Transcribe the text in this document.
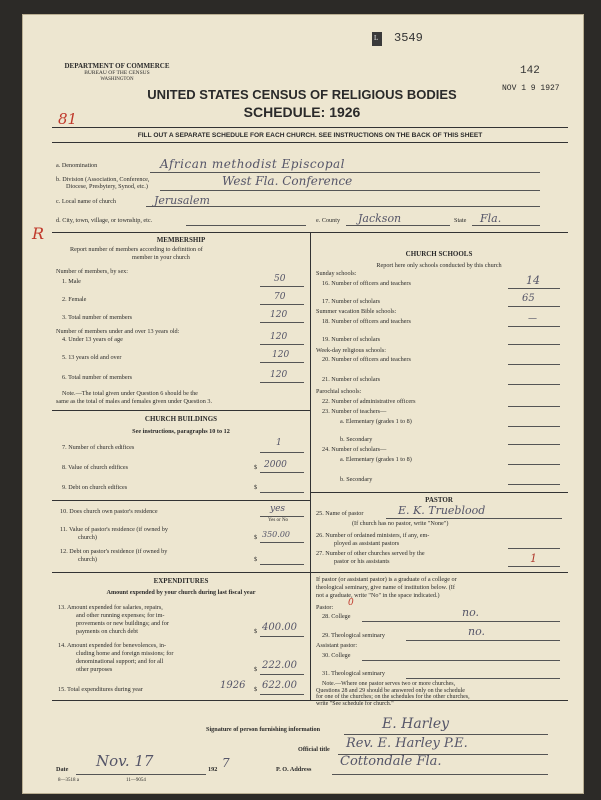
L 3549
142
DEPARTMENT OF COMMERCE
BUREAU OF THE CENSUS
WASHINGTON
UNITED STATES CENSUS OF RELIGIOUS BODIES	NOV 1 9 1927
SCHEDULE: 1926
81
R
FILL OUT A SEPARATE SCHEDULE FOR EACH CHURCH. SEE INSTRUCTIONS ON THE BACK OF THIS SHEET
a. Denomination	African methodist Episcopal
b. Division (Association, Conference,
Diocese, Presbytery, Synod, etc.)	West Fla. Conference
c. Local name of church	Jerusalem
d. City, town, village, or township, etc.	e. County Jackson	State Fla.
MEMBERSHIP
Report number of members according to definition of
member in your church
Number of members, by sex:
1. Male	50
2. Female	70
3. Total number of members	120
Number of members under and over 13 years old:
4. Under 13 years of age	120
5. 13 years old and over	120
6. Total number of members	120
Note.—The total given under Question 6 should be the
same as the total of males and females given under Question 3.
CHURCH BUILDINGS
See instructions, paragraphs 10 to 12
7. Number of church edifices	1
8. Value of church edifices	$ 2000
9. Debt on church edifices	$
10. Does church own pastor's residence	yes
Yes or No
11. Value of pastor's residence (if owned by
church)	$ 350.00
12. Debt on pastor's residence (if owned by
church)	$
EXPENDITURES
Amount expended by your church during last fiscal year
13. Amount expended for salaries, repairs,
and other running expenses; for im-
provements or new buildings; and for
payments on church debt	$ 400.00
14. Amount expended for benevolences, in-
cluding home and foreign missions; for
denominational support; and for all
other purposes	$ 222.00
15. Total expenditures during year	1926 $ 622.00
CHURCH SCHOOLS
Report here only schools conducted by this church
Sunday schools:
16. Number of officers and teachers	14
17. Number of scholars	65
Summer vacation Bible schools:
18. Number of officers and teachers	—
19. Number of scholars
Week-day religious schools:
20. Number of officers and teachers
21. Number of scholars
Parochial schools:
22. Number of administrative officers
23. Number of teachers—
a. Elementary (grades 1 to 8)
b. Secondary
24. Number of scholars—
a. Elementary (grades 1 to 8)
b. Secondary
PASTOR
25. Name of pastor	E. K. Trueblood
(If church has no pastor, write "None")
26. Number of ordained ministers, if any, em-
ployed as assistant pastors
27. Number of other churches served by the
pastor or his assistants	1
If pastor (or assistant pastor) is a graduate of a college or
theological seminary, give name of institution below. (If
not a graduate, write "No" in the space indicated.)
Pastor: 0
28. College	no.
29. Theological seminary	no.
Assistant pastor:
30. College
31. Theological seminary
Note.—Where one pastor serves two or more churches,
Questions 28 and 29 should be answered only on the schedule
for one of the churches; on the schedules for the other churches,
write "See schedule for church."
Signature of person furnishing information	E. Harley
Official title Rev. E. Harley P.E.
Date Nov. 17	192 7	P. O. Address
Cottondale Fla.
8—3518 a	11—9054
